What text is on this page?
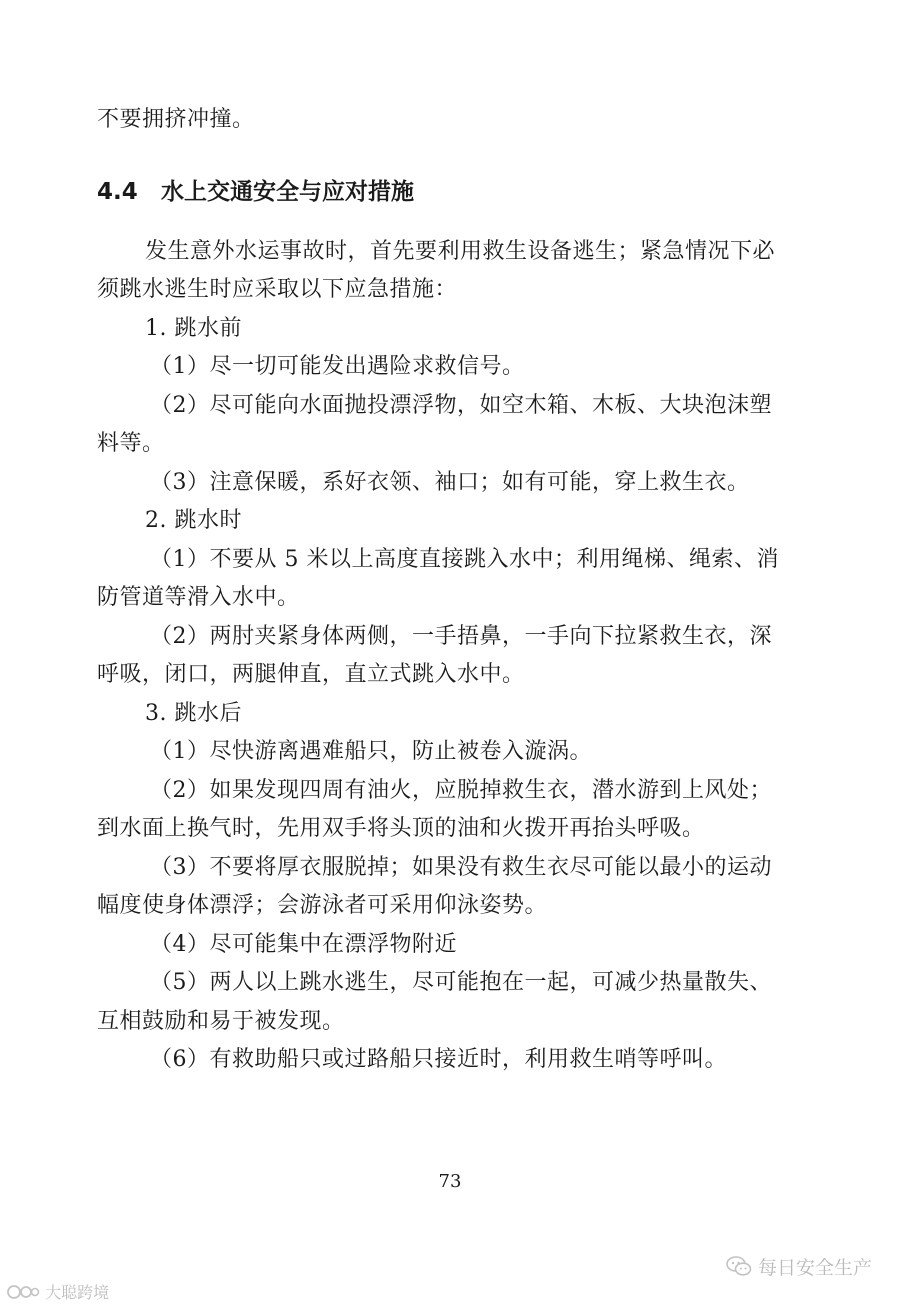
不要拥挤冲撞。
4.4 水上交通安全与应对措施
发生意外水运事故时，首先要利用救生设备逃生；紧急情况下必
须跳水逃生时应采取以下应急措施：
1. 跳水前
（1）尽一切可能发出遇险求救信号。
（2）尽可能向水面抛投漂浮物，如空木箱、木板、大块泡沫塑
料等。
（3）注意保暖，系好衣领、袖口；如有可能，穿上救生衣。
2. 跳水时
（1）不要从 5 米以上高度直接跳入水中；利用绳梯、绳索、消
防管道等滑入水中。
（2）两肘夹紧身体两侧，一手捂鼻，一手向下拉紧救生衣，深
呼吸，闭口，两腿伸直，直立式跳入水中。
3. 跳水后
（1）尽快游离遇难船只，防止被卷入漩涡。
（2）如果发现四周有油火，应脱掉救生衣，潜水游到上风处；
到水面上换气时，先用双手将头顶的油和火拨开再抬头呼吸。
（3）不要将厚衣服脱掉；如果没有救生衣尽可能以最小的运动
幅度使身体漂浮；会游泳者可采用仰泳姿势。
（4）尽可能集中在漂浮物附近
（5）两人以上跳水逃生，尽可能抱在一起，可减少热量散失、
互相鼓励和易于被发现。
（6）有救助船只或过路船只接近时，利用救生哨等呼叫。
73
每日安全生产
大聪跨境
